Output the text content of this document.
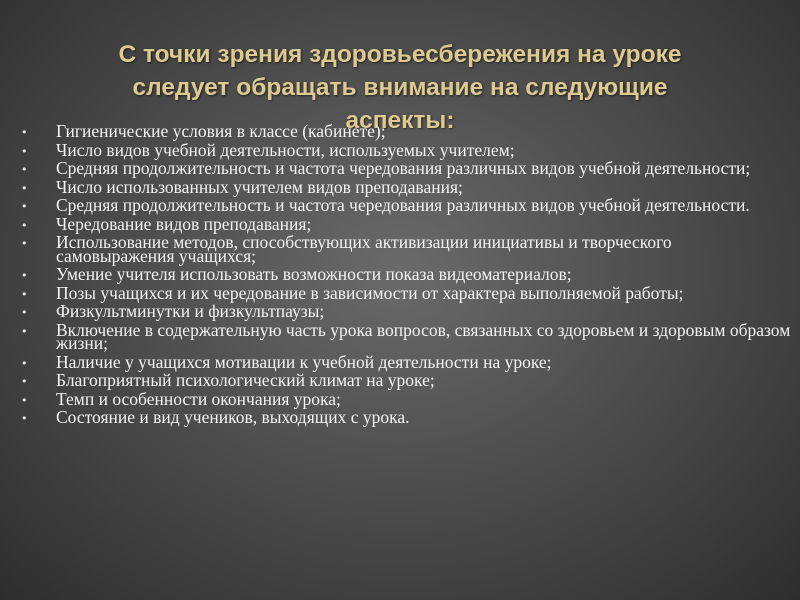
С точки зрения здоровьесбережения на уроке
следует обращать внимание на следующие
аспекты:
• Гигиенические условия в классе (кабинете);
• Число видов учебной деятельности, используемых учителем;
• Средняя продолжительность и частота чередования различных видов учебной деятельности;
• Число использованных учителем видов преподавания;
• Средняя продолжительность и частота чередования различных видов учебной деятельности.
• Чередование видов преподавания;
• Использование методов, способствующих активизации инициативы и творческого самовыражения учащихся;
• Умение учителя использовать возможности показа видеоматериалов;
• Позы учащихся и их чередование в зависимости от характера выполняемой работы;
• Физкультминутки и физкультпаузы;
• Включение в содержательную часть урока вопросов, связанных со здоровьем и здоровым образом жизни;
• Наличие у учащихся мотивации к учебной деятельности на уроке;
• Благоприятный психологический климат на уроке;
• Темп и особенности окончания урока;
• Состояние и вид учеников, выходящих с урока.
